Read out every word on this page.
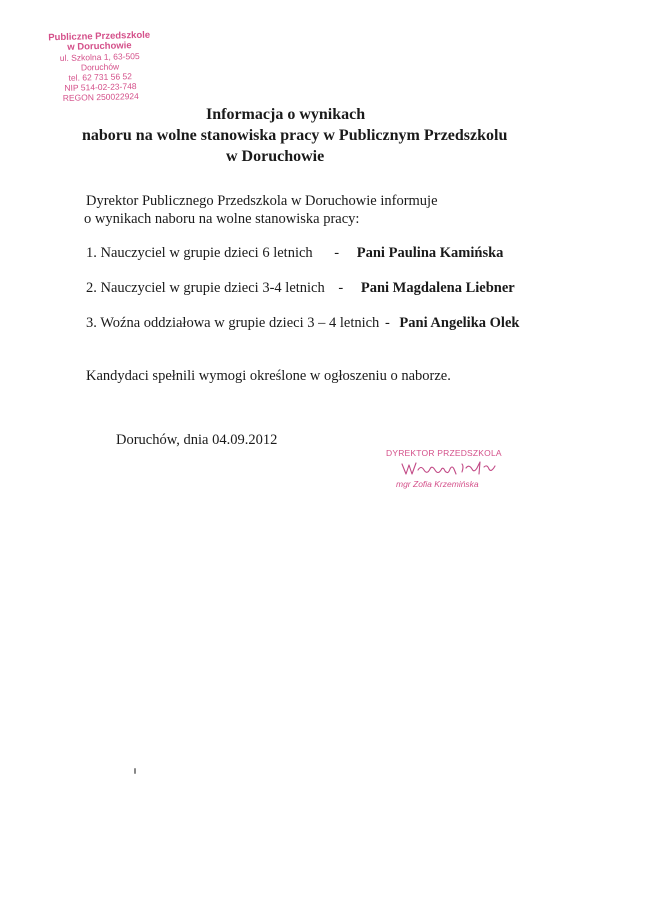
Publiczne Przedszkole
w Doruchowie
ul. Szkolna 1, 63-505 Doruchów
tel. 62 731 56 52
NIP 514-02-23-748
REGON 250022924
Informacja o wynikach
naboru na wolne stanowiska pracy w Publicznym Przedszkolu
w Doruchowie
Dyrektor Publicznego Przedszkola w Doruchowie informuje
o wynikach naboru na wolne stanowiska pracy:
1. Nauczyciel w grupie dzieci 6 letnich - Pani Paulina Kamińska
2. Nauczyciel w grupie dzieci 3-4 letnich - Pani Magdalena Liebner
3. Woźna oddziałowa w grupie dzieci 3 – 4 letnich - Pani Angelika Olek
Kandydaci spełnili wymogi określone w ogłoszeniu o naborze.
Doruchów, dnia 04.09.2012
DYREKTOR PRZEDSZKOLA
mgr Zofia Krzemińska
